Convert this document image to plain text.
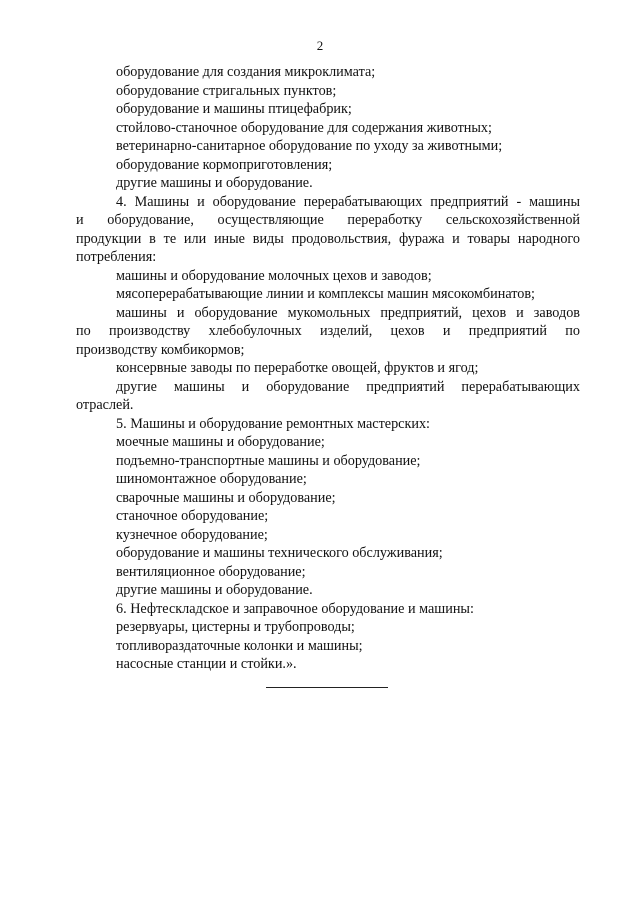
2
оборудование для создания микроклимата;
оборудование стригальных пунктов;
оборудование и машины птицефабрик;
стойлово-станочное оборудование для содержания животных;
ветеринарно-санитарное оборудование по уходу за животными;
оборудование кормоприготовления;
другие машины и оборудование.
4. Машины и оборудование перерабатывающих предприятий - машины
и оборудование, осуществляющие переработку сельскохозяйственной
продукции в те или иные виды продовольствия, фуража и товары народного
потребления:
машины и оборудование молочных цехов и заводов;
мясоперерабатывающие линии и комплексы машин мясокомбинатов;
машины и оборудование мукомольных предприятий, цехов и заводов
по производству хлебобулочных изделий, цехов и предприятий по
производству комбикормов;
консервные заводы по переработке овощей, фруктов и ягод;
другие машины и оборудование предприятий перерабатывающих
отраслей.
5. Машины и оборудование ремонтных мастерских:
моечные машины и оборудование;
подъемно-транспортные машины и оборудование;
шиномонтажное оборудование;
сварочные машины и оборудование;
станочное оборудование;
кузнечное оборудование;
оборудование и машины технического обслуживания;
вентиляционное оборудование;
другие машины и оборудование.
6. Нефтескладское и заправочное оборудование и машины:
резервуары, цистерны и трубопроводы;
топливораздаточные колонки и машины;
насосные станции и стойки.».
